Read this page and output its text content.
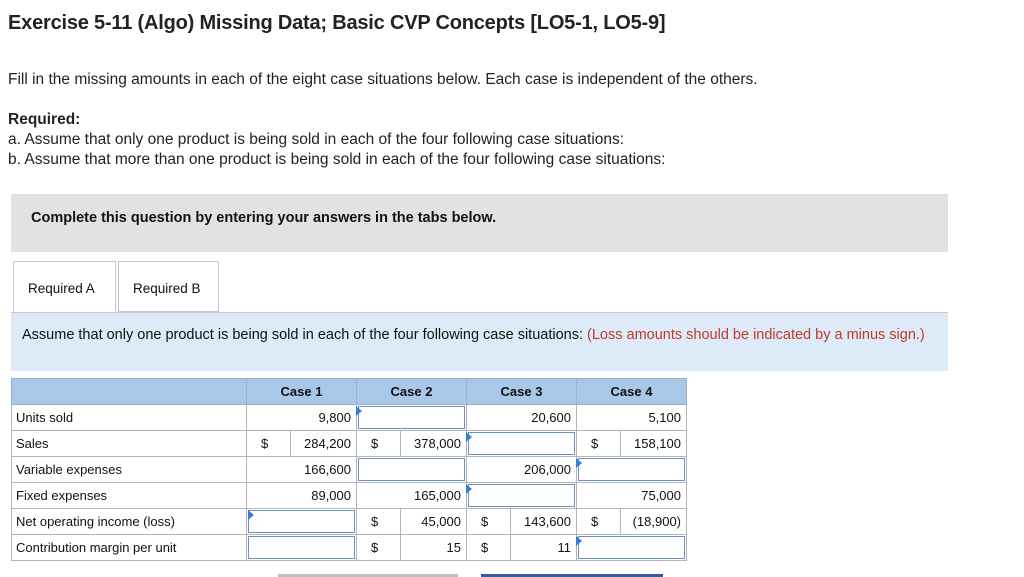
Exercise 5-11 (Algo) Missing Data; Basic CVP Concepts [LO5-1, LO5-9]
Fill in the missing amounts in each of the eight case situations below. Each case is independent of the others.
Required:
a. Assume that only one product is being sold in each of the four following case situations:
b. Assume that more than one product is being sold in each of the four following case situations:
Complete this question by entering your answers in the tabs below.
Required A	Required B
Assume that only one product is being sold in each of the four following case situations: (Loss amounts should be indicated by a minus sign.)
	Case 1		Case 2		Case 3		Case 4	
Units sold	9,800				20,600		5,100	
Sales	$	284,200	$	378,000			$	158,100
Variable expenses	166,600				206,000		

Fixed expenses	89,000		165,000				75,000	
Net operating income (loss)			$	45,000	$	143,600	$	(18,900)
Contribution margin per unit			$	15	$	11	
